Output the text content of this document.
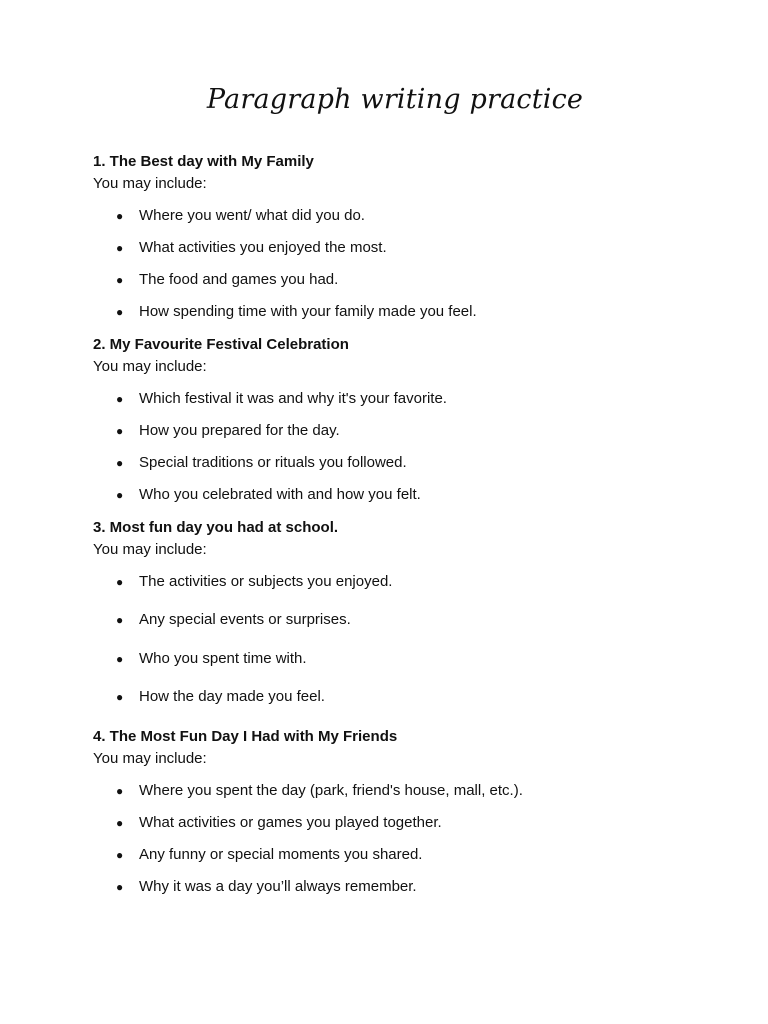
Paragraph writing practice
1. The Best day with My Family
You may include:
● Where you went/ what did you do.
● What activities you enjoyed the most.
● The food and games you had.
● How spending time with your family made you feel.
2. My Favourite Festival Celebration
You may include:
● Which festival it was and why it's your favorite.
● How you prepared for the day.
● Special traditions or rituals you followed.
● Who you celebrated with and how you felt.
3. Most fun day you had at school.
You may include:
● The activities or subjects you enjoyed.
● Any special events or surprises.
● Who you spent time with.
● How the day made you feel.
4. The Most Fun Day I Had with My Friends
You may include:
● Where you spent the day (park, friend's house, mall, etc.).
● What activities or games you played together.
● Any funny or special moments you shared.
● Why it was a day you’ll always remember.
